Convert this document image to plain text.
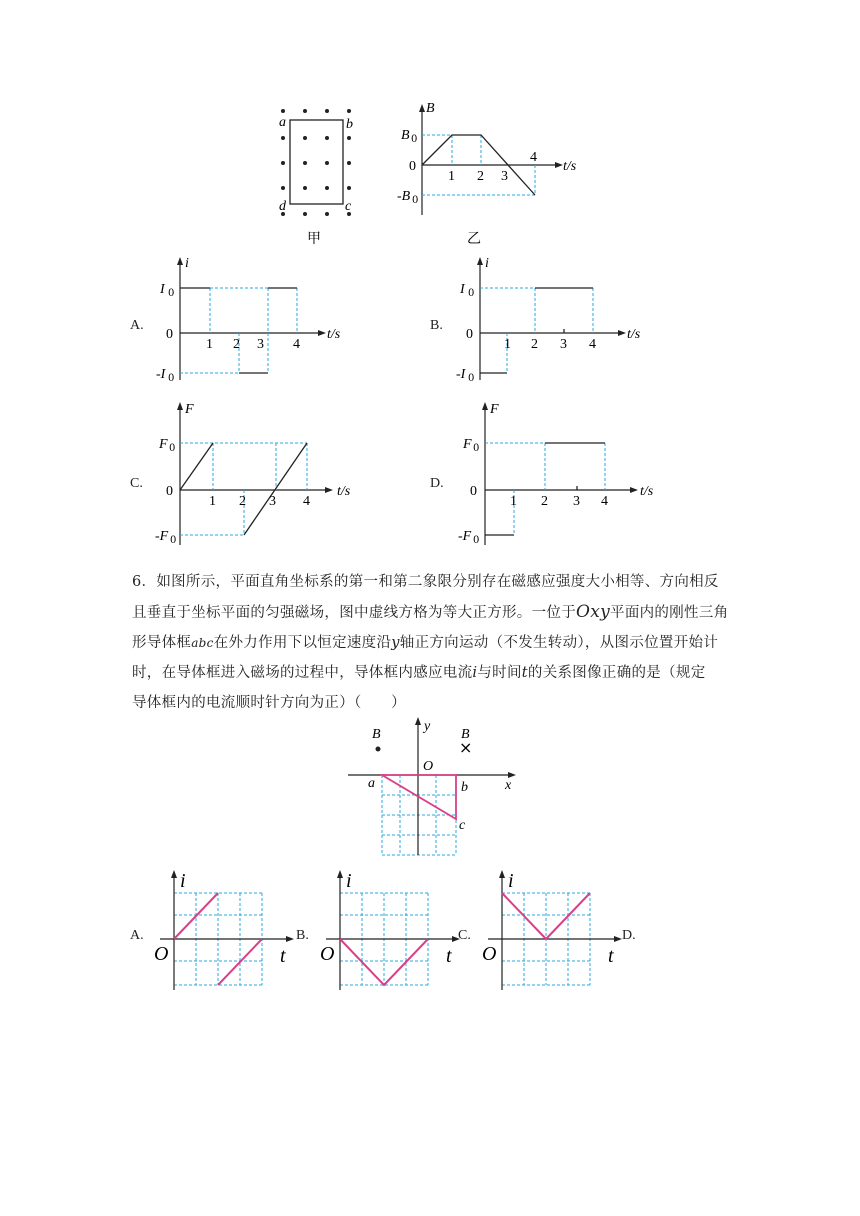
a	b
d	c
甲
B
B 0
0
-B 0
1 2 3
4
t/s
乙
A.
i
I 0
0
-I 0
1 2 3 4
t/s
B.
i
I 0
0
-I 0
1 2 3 4
t/s
C.
F
F 0
0
-F 0
1 2 3 4
t/s
D.
F
F 0
0
-F 0
1 2 3 4
t/s
6．如图所示，平面直角坐标系的第一和第二象限分别存在磁感应强度大小相等、方向相反
且垂直于坐标平面的匀强磁场，图中虚线方格为等大正方形。一位于Oxy平面内的刚性三角
形导体框abc在外力作用下以恒定速度沿y轴正方向运动（不发生转动），从图示位置开始计
时，在导体框进入磁场的过程中，导体框内感应电流i与时间t的关系图像正确的是（规定
导体框内的电流顺时针方向为正）（　　）
B	B
×
y
O
x
a	b
c
A.
i
O	t
B.
i
O	t
C.
i
O	t
D.
